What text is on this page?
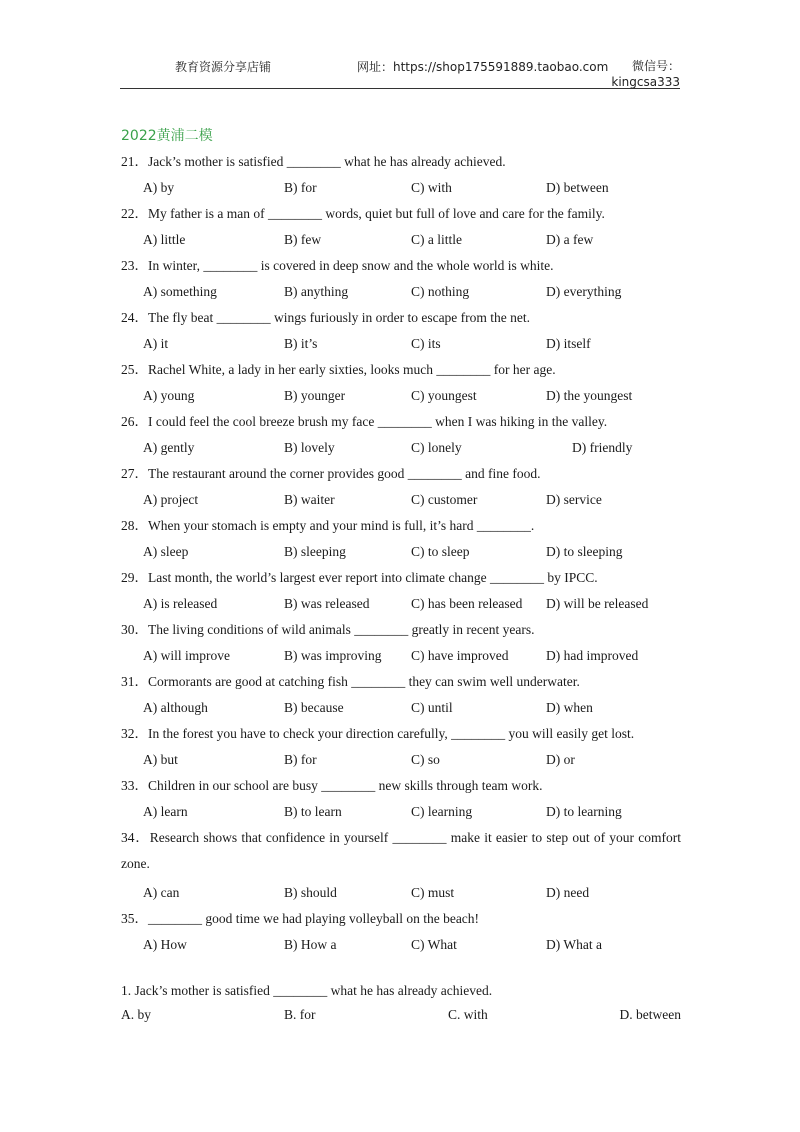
教育资源分享店铺	网址：https://shop175591889.taobao.com	微信号：
kingcsa333
2022黄浦二模
21．Jack’s mother is satisfied ________ what he has already achieved.
A) by	B) for	C) with	D) between
22．My father is a man of ________ words, quiet but full of love and care for the family.
A) little	B) few	C) a little	D) a few
23．In winter, ________ is covered in deep snow and the whole world is white.
A) something	B) anything	C) nothing	D) everything
24．The fly beat ________ wings furiously in order to escape from the net.
A) it	B) it’s	C) its	D) itself
25．Rachel White, a lady in her early sixties, looks much ________ for her age.
A) young	B) younger	C) youngest	D) the youngest
26．I could feel the cool breeze brush my face ________ when I was hiking in the valley.
A) gently	B) lovely	C) lonely	D) friendly
27．The restaurant around the corner provides good ________ and fine food.
A) project	B) waiter	C) customer	D) service
28．When your stomach is empty and your mind is full, it’s hard ________.
A) sleep	B) sleeping	C) to sleep	D) to sleeping
29．Last month, the world’s largest ever report into climate change ________ by IPCC.
A) is released	B) was released	C) has been released D) will be released
30．The living conditions of wild animals ________ greatly in recent years.
A) will improve	B) was improving C) have improved	D) had improved
31．Cormorants are good at catching fish ________ they can swim well underwater.
A) although	B) because	C) until	D) when
32．In the forest you have to check your direction carefully, ________ you will easily get lost.
A) but	B) for	C) so	D) or
33．Children in our school are busy ________ new skills through team work.
A) learn	B) to learn	C) learning	D) to learning
34．Research shows that confidence in yourself ________ make it easier to step out of your comfort zone.
A) can	B) should	C) must	D) need
35．________ good time we had playing volleyball on the beach!
A) How	B) How a	C) What	D) What a
1. Jack’s mother is satisfied ________ what he has already achieved.
A. by	B. for	C. with	D. between
